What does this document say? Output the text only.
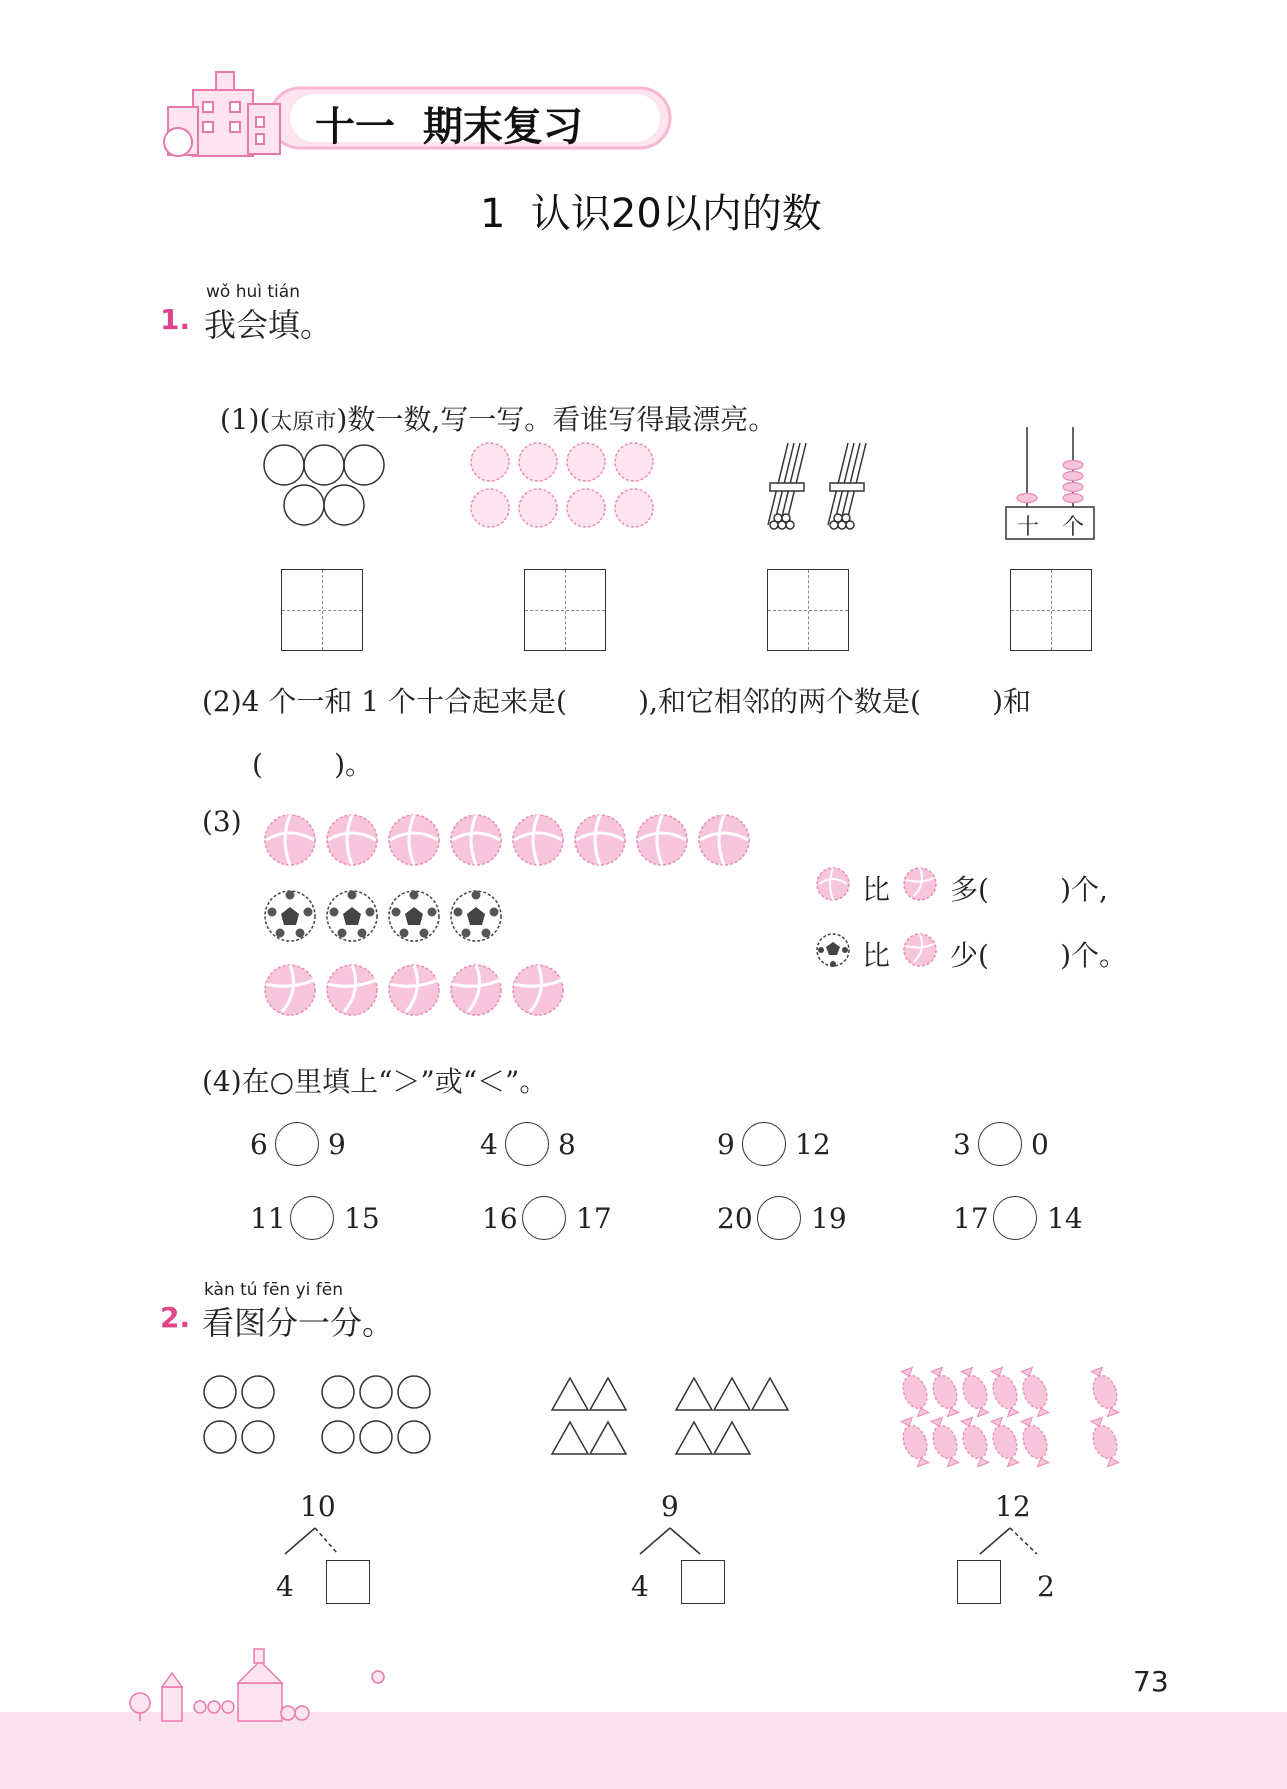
十一  期末复习
1  认识20以内的数
wǒ huì tián
1. 我会填。

(1)(太原市)数一数,写一写。看谁写得最漂亮。

十 个
(2)4 个一和 1 个十合起来是(        ),和它相邻的两个数是(        )和
(        )。
(3)
比 多(        )个,
比 少(        )个。
(4)在○里填上“＞”或“＜”。
6 9	4 8	9 12	3 0
11 15	16 17	20 19	17 14
kàn tú fēn yi fēn
2. 看图分一分。
10
4
9
4
12
2
73
